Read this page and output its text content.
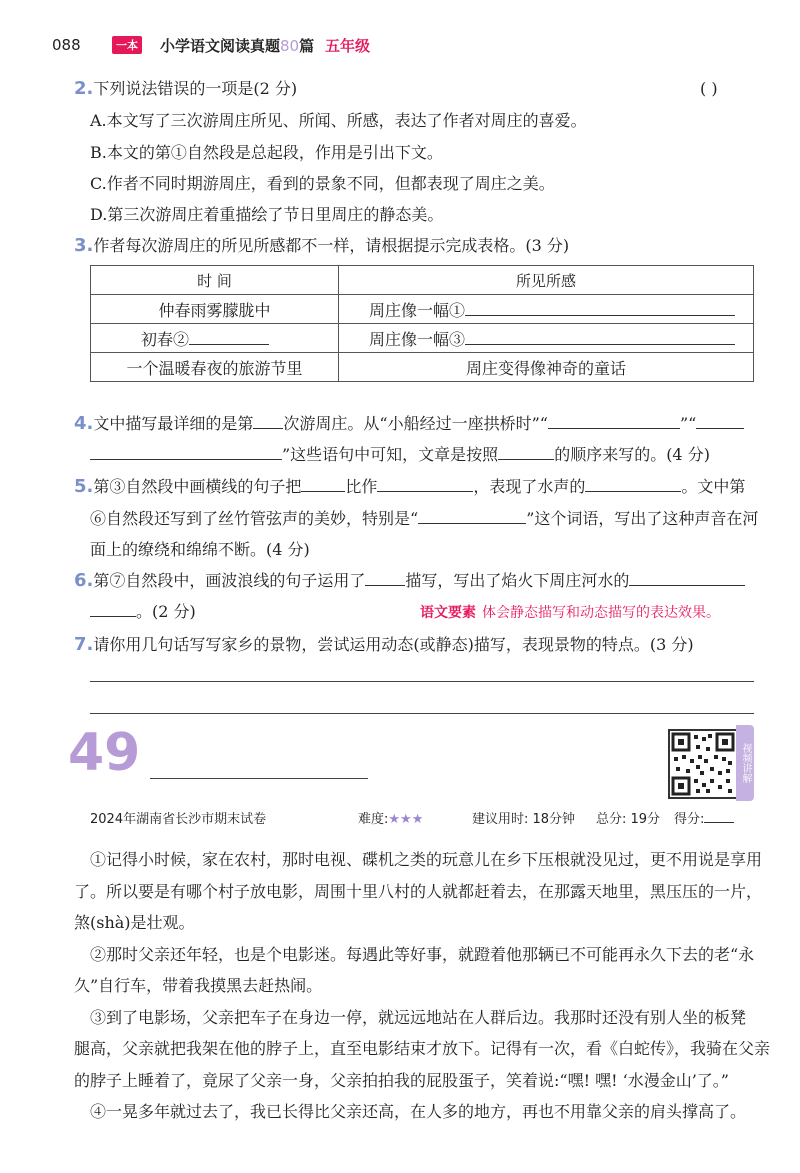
088	一本 小学语文阅读真题80篇 五年级
2.下列说法错误的一项是(2 分)	( )
A.本文写了三次游周庄所见、所闻、所感，表达了作者对周庄的喜爱。
B.本文的第①自然段是总起段，作用是引出下文。
C.作者不同时期游周庄，看到的景象不同，但都表现了周庄之美。
D.第三次游周庄着重描绘了节日里周庄的静态美。
3.作者每次游周庄的所见所感都不一样，请根据提示完成表格。(3 分)
时 间	所见所感
仲春雨雾朦胧中	周庄像一幅①
初春②	周庄像一幅③
一个温暖春夜的旅游节里	周庄变得像神奇的童话
4.文中描写最详细的是第 次游周庄。从“小船经过一座拱桥时”“	”“
”这些语句中可知，文章是按照	的顺序来写的。(4 分)
5.第③自然段中画横线的句子把	比作	，表现了水声的	。文中第
⑥自然段还写到了丝竹管弦声的美妙，特别是“	”这个词语，写出了这种声音在河
面上的缭绕和绵绵不断。(4 分)
6.第⑦自然段中，画波浪线的句子运用了	描写，写出了焰火下周庄河水的
。(2 分)	语文要素 体会静态描写和动态描写的表达效果。
7.请你用几句话写写家乡的景物，尝试运用动态(或静态)描写，表现景物的特点。(3 分)
49	视频讲解
2024年湖南省长沙市期末试卷	难度:★★★	建议用时: 18分钟 总分: 19分 得分:
①记得小时候，家在农村，那时电视、碟机之类的玩意儿在乡下压根就没见过，更不用说是享用
了。所以要是有哪个村子放电影，周围十里八村的人就都赶着去，在那露天地里，黑压压的一片，
煞(shà)是壮观。
②那时父亲还年轻，也是个电影迷。每遇此等好事，就蹬着他那辆已不可能再永久下去的老“永
久”自行车，带着我摸黑去赶热闹。
③到了电影场，父亲把车子在身边一停，就远远地站在人群后边。我那时还没有别人坐的板凳
腿高，父亲就把我架在他的脖子上，直至电影结束才放下。记得有一次，看《白蛇传》，我骑在父亲
的脖子上睡着了，竟尿了父亲一身，父亲拍拍我的屁股蛋子，笑着说:“嘿! 嘿! ‘水漫金山’了。”
④一晃多年就过去了，我已长得比父亲还高，在人多的地方，再也不用靠父亲的肩头撑高了。
